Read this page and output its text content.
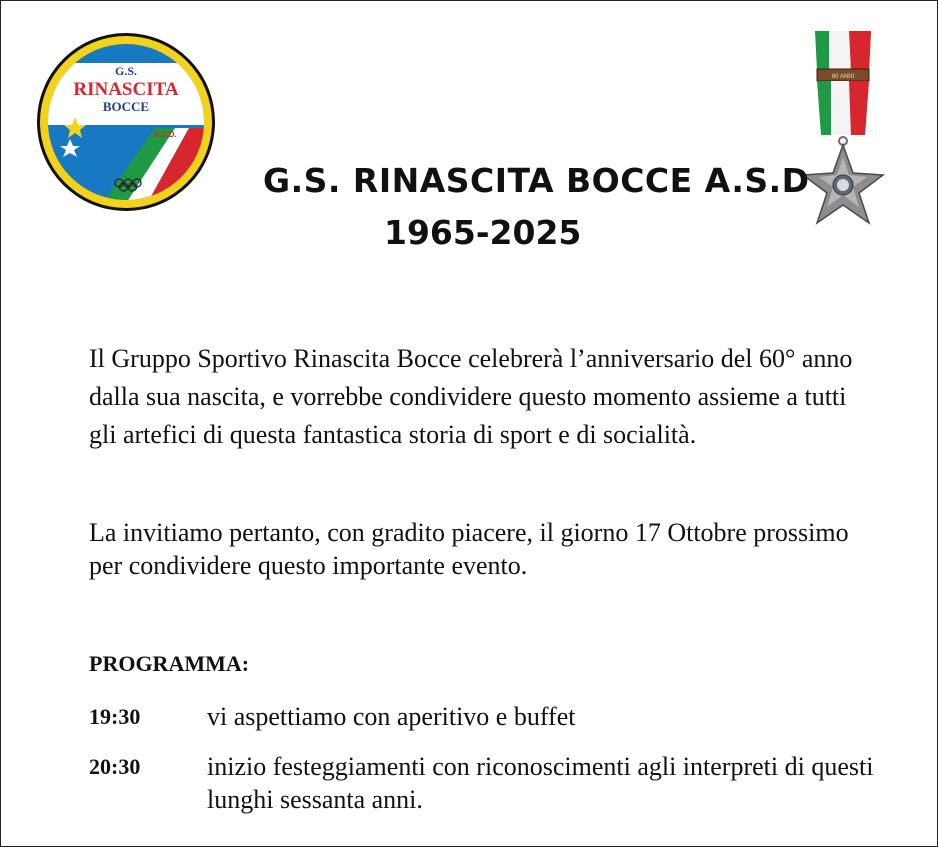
G.S.
RINASCITA
BOCCE
A.S.D.
60 ANNI
G.S. RINASCITA BOCCE A.S.D
1965-2025

Il Gruppo Sportivo Rinascita Bocce celebrerà l’anniversario del 60° anno dalla sua nascita, e vorrebbe condividere questo momento assieme a tutti gli artefici di questa fantastica storia di sport e di socialità.

La invitiamo pertanto, con gradito piacere, il giorno 17 Ottobre prossimo per condividere questo importante evento.

PROGRAMMA:
19:30	vi aspettiamo con aperitivo e buffet
20:30	inizio festeggiamenti con riconoscimenti agli interpreti di questi lunghi sessanta anni.
